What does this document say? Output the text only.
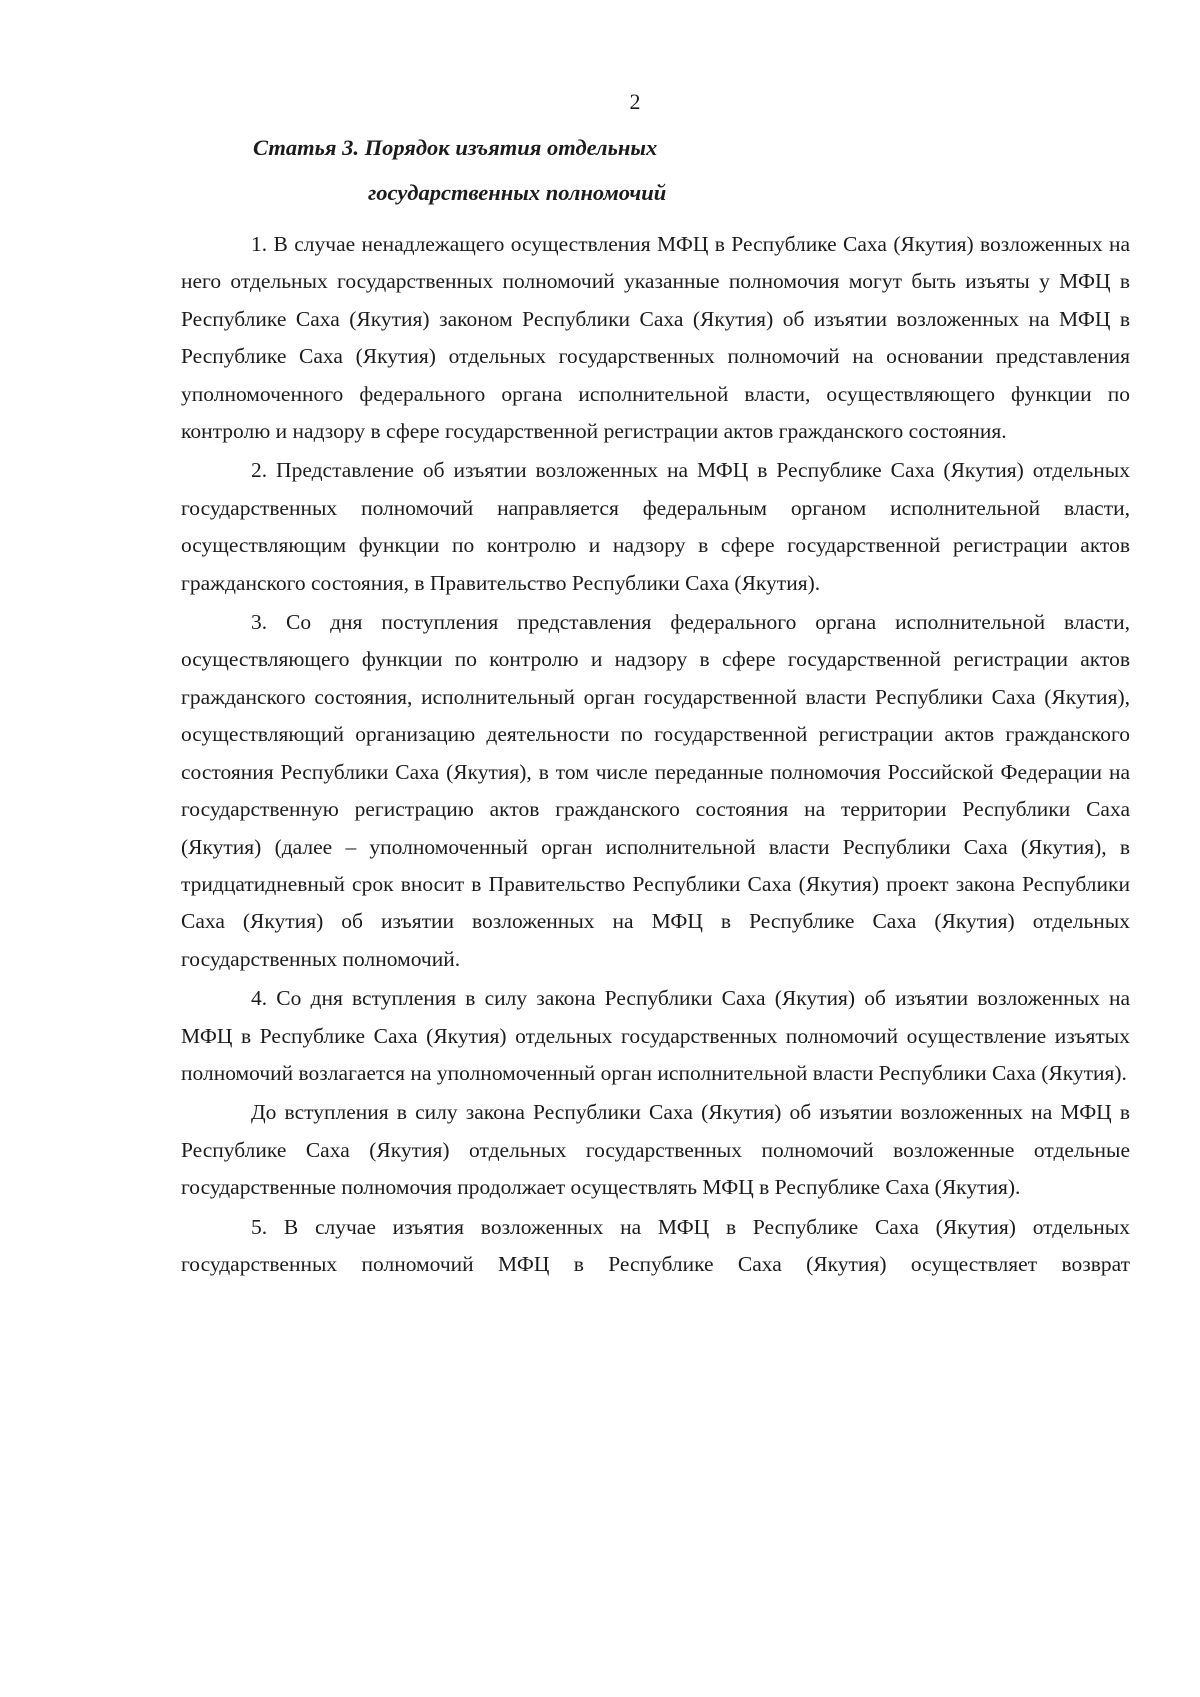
2
Статья 3. Порядок изъятия отдельных
государственных полномочий

1. В случае ненадлежащего осуществления МФЦ в Республике Саха (Якутия) возложенных на него отдельных государственных полномочий указанные полномочия могут быть изъяты у МФЦ в Республике Саха (Якутия) законом Республики Саха (Якутия) об изъятии возложенных на МФЦ в Республике Саха (Якутия) отдельных государственных полномочий на основании представления уполномоченного федерального органа исполнительной власти, осуществляющего функции по контролю и надзору в сфере государственной регистрации актов гражданского состояния.

2. Представление об изъятии возложенных на МФЦ в Республике Саха (Якутия) отдельных государственных полномочий направляется федеральным органом исполнительной власти, осуществляющим функции по контролю и надзору в сфере государственной регистрации актов гражданского состояния, в Правительство Республики Саха (Якутия).

3. Со дня поступления представления федерального органа исполнительной власти, осуществляющего функции по контролю и надзору в сфере государственной регистрации актов гражданского состояния, исполнительный орган государственной власти Республики Саха (Якутия), осуществляющий организацию деятельности по государственной регистрации актов гражданского состояния Республики Саха (Якутия), в том числе переданные полномочия Российской Федерации на государственную регистрацию актов гражданского состояния на территории Республики Саха (Якутия) (далее – уполномоченный орган исполнительной власти Республики Саха (Якутия), в тридцатидневный срок вносит в Правительство Республики Саха (Якутия) проект закона Республики Саха (Якутия) об изъятии возложенных на МФЦ в Республике Саха (Якутия) отдельных государственных полномочий.

4. Со дня вступления в силу закона Республики Саха (Якутия) об изъятии возложенных на МФЦ в Республике Саха (Якутия) отдельных государственных полномочий осуществление изъятых полномочий возлагается на уполномоченный орган исполнительной власти Республики Саха (Якутия).

До вступления в силу закона Республики Саха (Якутия) об изъятии возложенных на МФЦ в Республике Саха (Якутия) отдельных государственных полномочий возложенные отдельные государственные полномочия продолжает осуществлять МФЦ в Республике Саха (Якутия).

5. В случае изъятия возложенных на МФЦ в Республике Саха (Якутия) отдельных государственных полномочий МФЦ в Республике Саха (Якутия) осуществляет возврат
